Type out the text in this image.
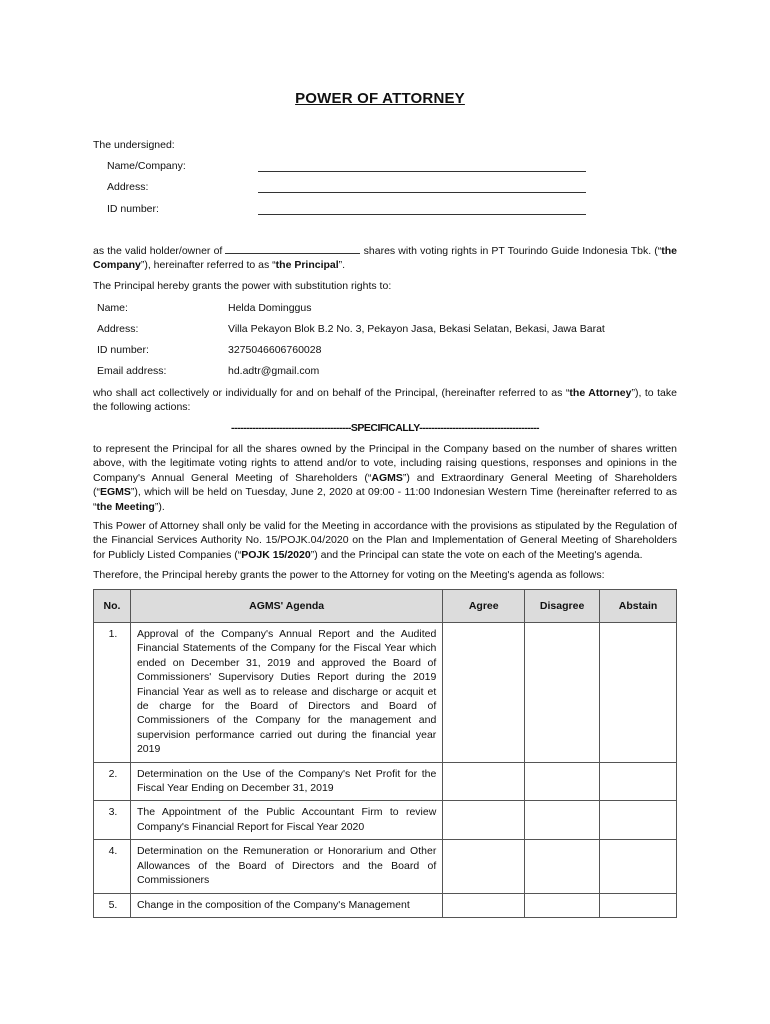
POWER OF ATTORNEY
The undersigned:
Name/Company:
Address:
ID number:
as the valid holder/owner of	shares with voting rights in PT Tourindo Guide Indonesia Tbk. (“the Company”), hereinafter referred to as “the Principal”.
The Principal hereby grants the power with substitution rights to:
Name:	Helda Dominggus
Address:	Villa Pekayon Blok B.2 No. 3, Pekayon Jasa, Bekasi Selatan, Bekasi, Jawa Barat
ID number:	3275046606760028
Email address:	hd.adtr@gmail.com
who shall act collectively or individually for and on behalf of the Principal, (hereinafter referred to as “the Attorney”), to take the following actions:
----------------------------------------SPECIFICALLY----------------------------------------
to represent the Principal for all the shares owned by the Principal in the Company based on the number of shares written above, with the legitimate voting rights to attend and/or to vote, including raising questions, responses and opinions in the Company's Annual General Meeting of Shareholders (“AGMS”) and Extraordinary General Meeting of Shareholders (“EGMS”), which will be held on Tuesday, June 2, 2020 at 09:00 - 11:00 Indonesian Western Time (hereinafter referred to as “the Meeting”).
This Power of Attorney shall only be valid for the Meeting in accordance with the provisions as stipulated by the Regulation of the Financial Services Authority No. 15/POJK.04/2020 on the Plan and Implementation of General Meeting of Shareholders for Publicly Listed Companies (“POJK 15/2020”) and the Principal can state the vote on each of the Meeting's agenda.
Therefore, the Principal hereby grants the power to the Attorney for voting on the Meeting's agenda as follows:
No.	AGMS' Agenda	Agree	Disagree	Abstain
1.	Approval of the Company's Annual Report and the Audited Financial Statements of the Company for the Fiscal Year which ended on December 31, 2019 and approved the Board of Commissioners' Supervisory Duties Report during the 2019 Financial Year as well as to release and discharge or acquit et de charge for the Board of Directors and Board of Commissioners of the Company for the management and supervision performance carried out during the financial year 2019			
2.	Determination on the Use of the Company's Net Profit for the Fiscal Year Ending on December 31, 2019			
3.	The Appointment of the Public Accountant Firm to review Company's Financial Report for Fiscal Year 2020			
4.	Determination on the Remuneration or Honorarium and Other Allowances of the Board of Directors and the Board of Commissioners			
5.	Change in the composition of the Company's Management			
